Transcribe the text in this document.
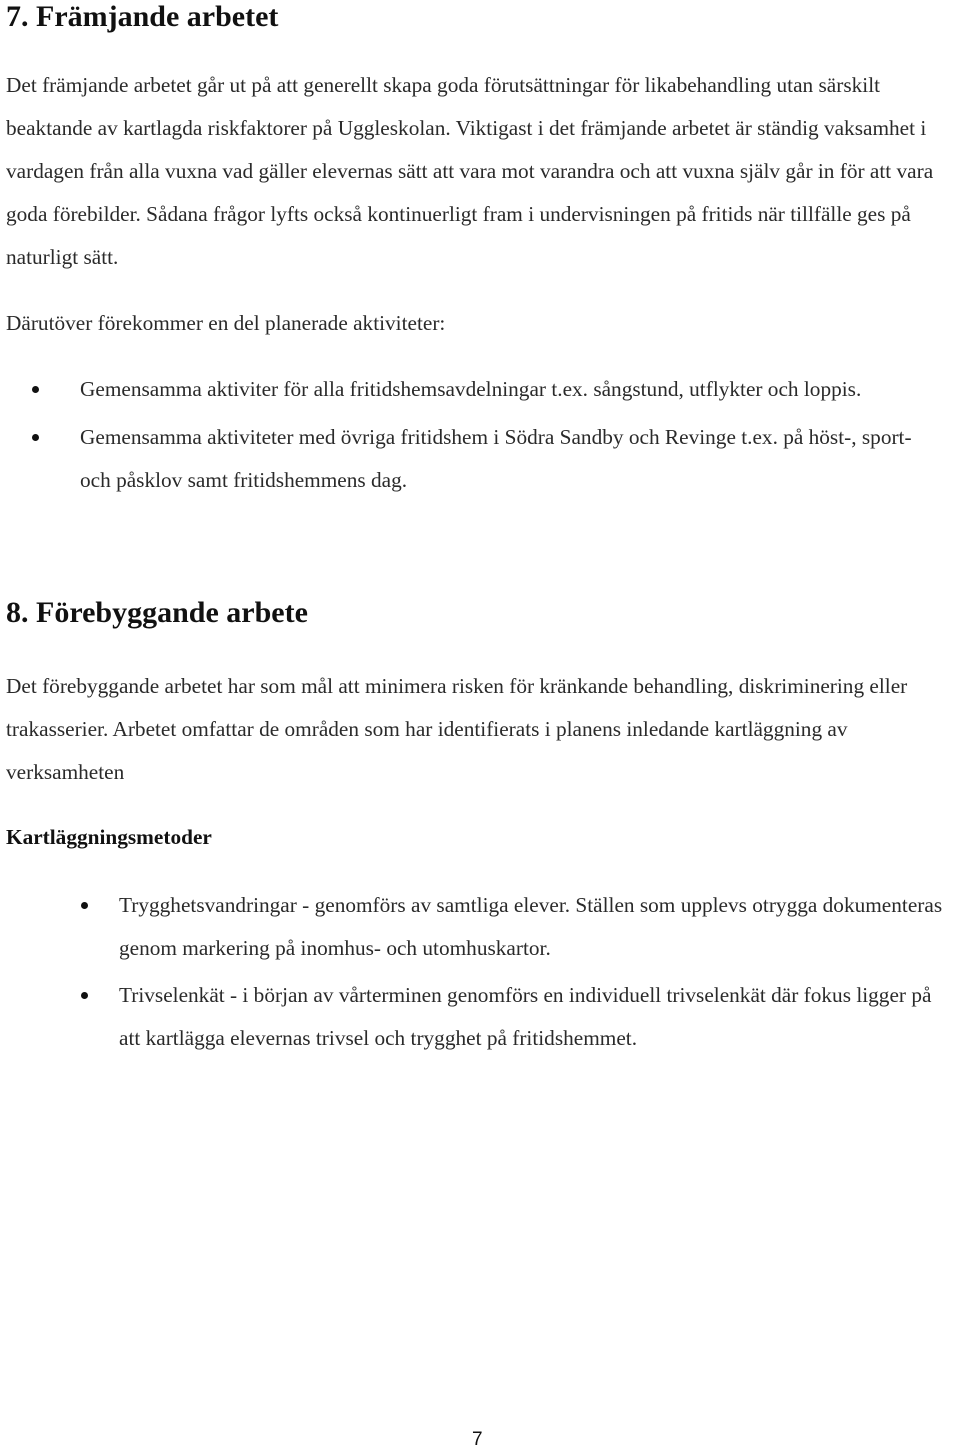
7. Främjande arbetet
Det främjande arbetet går ut på att generellt skapa goda förutsättningar för likabehandling utan särskilt beaktande av kartlagda riskfaktorer på Uggleskolan. Viktigast i det främjande arbetet är ständig vaksamhet i vardagen från alla vuxna vad gäller elevernas sätt att vara mot varandra och att vuxna själv går in för att vara goda förebilder. Sådana frågor lyfts också kontinuerligt fram i undervisningen på fritids när tillfälle ges på naturligt sätt.
Därutöver förekommer en del planerade aktiviteter:
Gemensamma aktiviter för alla fritidshemsavdelningar t.ex. sångstund, utflykter och loppis.
Gemensamma aktiviteter med övriga fritidshem i Södra Sandby och Revinge t.ex. på höst-, sport- och påsklov samt fritidshemmens dag.
8. Förebyggande arbete
Det förebyggande arbetet har som mål att minimera risken för kränkande behandling, diskriminering eller trakasserier. Arbetet omfattar de områden som har identifierats i planens inledande kartläggning av verksamheten
Kartläggningsmetoder
Trygghetsvandringar - genomförs av samtliga elever. Ställen som upplevs otrygga dokumenteras genom markering på inomhus- och utomhuskartor.
Trivselenkät - i början av vårterminen genomförs en individuell trivselenkät där fokus ligger på att kartlägga elevernas trivsel och trygghet på fritidshemmet.
7
